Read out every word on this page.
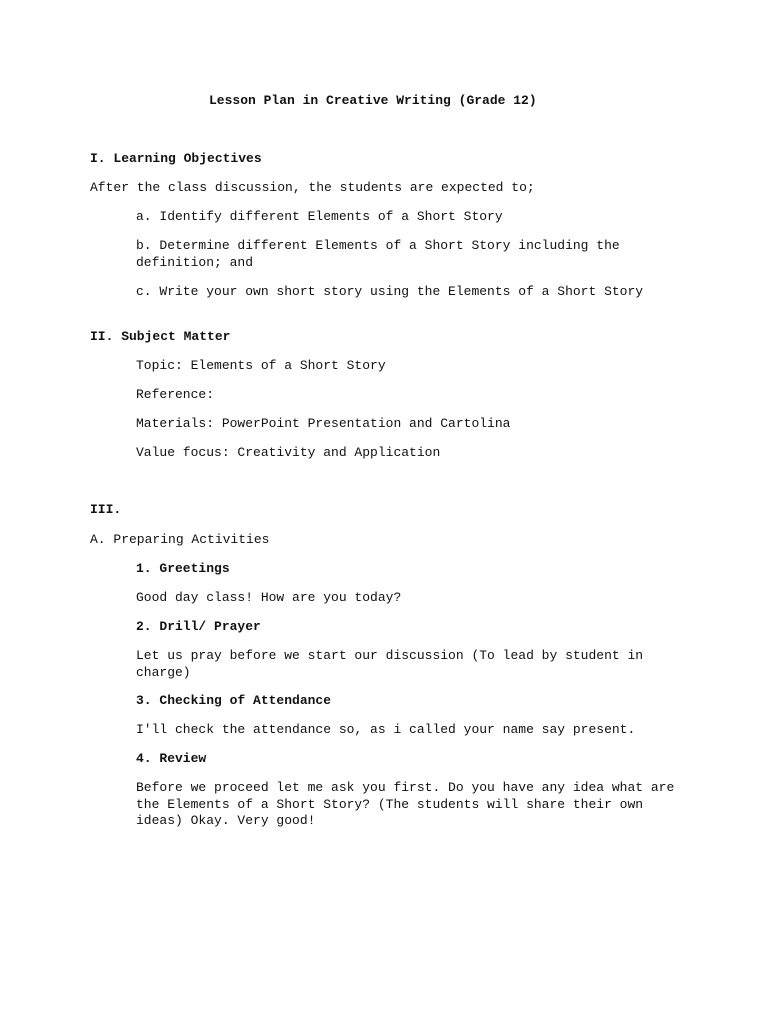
Lesson Plan in Creative Writing (Grade 12)
I. Learning Objectives
After the class discussion, the students are expected to;
a. Identify different Elements of a Short Story
b. Determine different Elements of a Short Story including the definition; and
c. Write your own short story using the Elements of a Short Story
II. Subject Matter
Topic: Elements of a Short Story
Reference:
Materials: PowerPoint Presentation and Cartolina
Value focus: Creativity and Application
III.
A. Preparing Activities
1. Greetings
Good day class! How are you today?
2. Drill/ Prayer
Let us pray before we start our discussion (To lead by student in charge)
3. Checking of Attendance
I'll check the attendance so, as i called your name say present.
4. Review
Before we proceed let me ask you first. Do you have any idea what are the Elements of a Short Story? (The students will share their own ideas) Okay. Very good!
